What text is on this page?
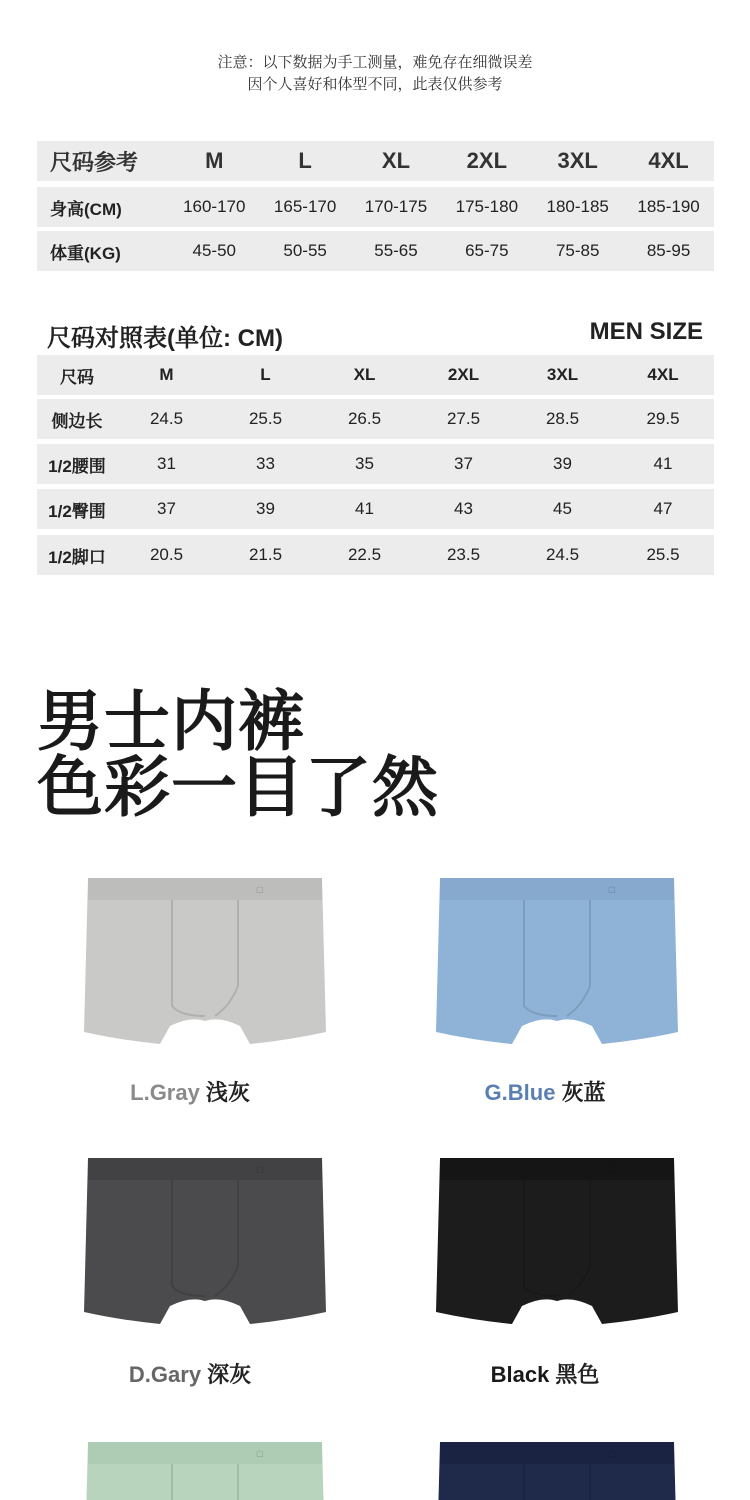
注意：以下数据为手工测量，难免存在细微误差
因个人喜好和体型不同，此表仅供参考
尺码参考	M	L	XL	2XL	3XL	4XL
身高(CM)	160-170	165-170	170-175	175-180	180-185	185-190
体重(KG)	45-50	50-55	55-65	65-75	75-85	85-95
尺码对照表(单位: CM)	MEN SIZE
尺码	M	L	XL	2XL	3XL	4XL
侧边长	24.5	25.5	26.5	27.5	28.5	29.5
1/2腰围	31	33	35	37	39	41
1/2臀围	37	39	41	43	45	47
1/2脚口	20.5	21.5	22.5	23.5	24.5	25.5
男士内裤
色彩一目了然
▢
L.Gray 浅灰
▢
G.Blue 灰蓝
▢
D.Gary 深灰
▢
Black 黑色
▢	▢
